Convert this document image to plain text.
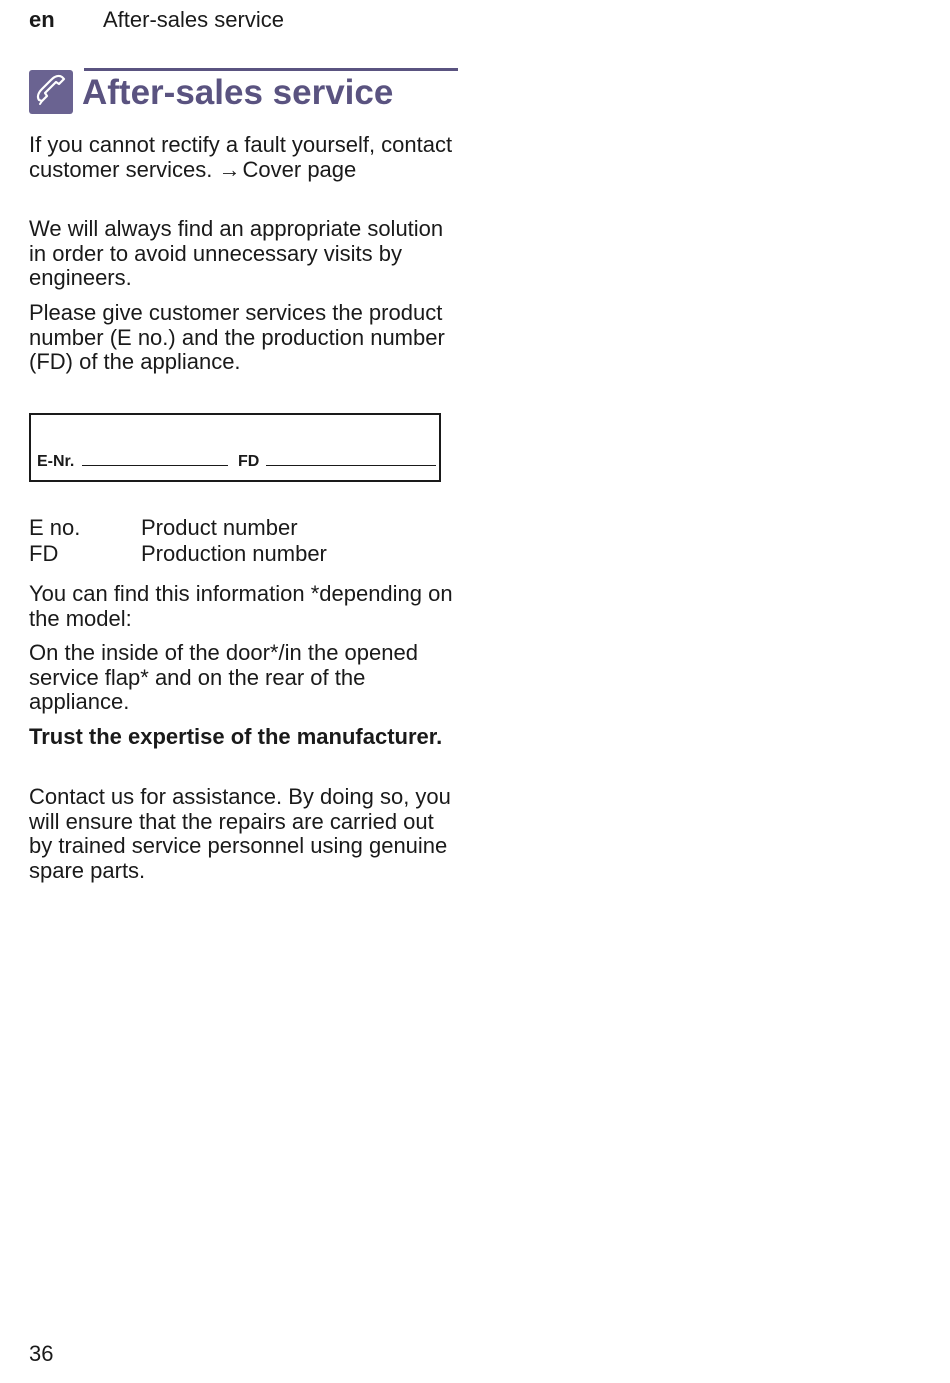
en After-sales service
After-sales service

If you cannot rectify a fault yourself, contact customer services. → Cover page

We will always find an appropriate solution in order to avoid unnecessary visits by engineers.

Please give customer services the product number (E no.) and the production number (FD) of the appliance.

E-Nr.	FD
E no.	Product number
FD	Production number

You can find this information *depending on the model:

On the inside of the door*/in the opened service flap* and on the rear of the appliance.

Trust the expertise of the manufacturer.

Contact us for assistance. By doing so, you will ensure that the repairs are carried out by trained service personnel using genuine spare parts.

36
